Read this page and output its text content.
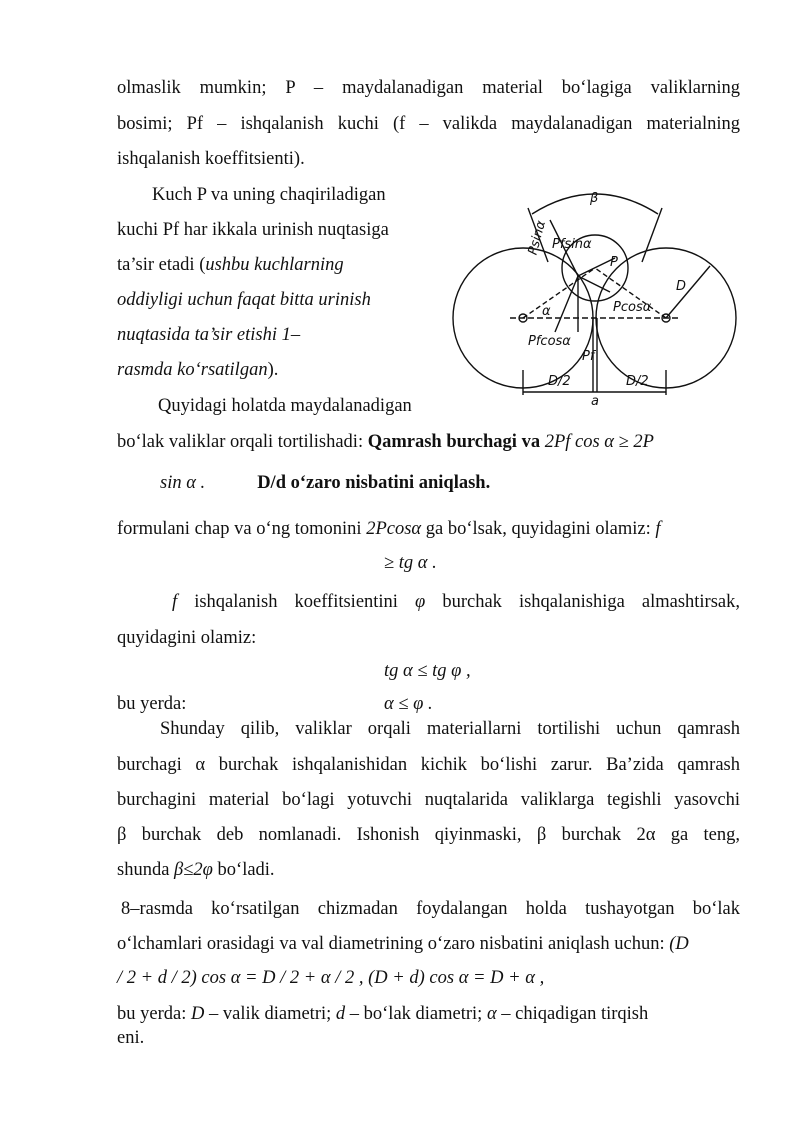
olmaslik mumkin; P – maydalanadigan material bo‘lagiga valiklarning
bosimi; Pf – ishqalanish kuchi (f – valikda maydalanadigan materialning
ishqalanish koeffitsienti).
Kuch P va uning chaqiriladigan
kuchi Pf har ikkala urinish nuqtasiga
ta’sir etadi (ushbu kuchlarning
oddiyligi uchun faqat bitta urinish
nuqtasida ta’sir etishi 1–
rasmda ko‘rsatilgan).
Quyidagi holatda maydalanadigan
bo‘lak valiklar orqali tortilishadi: Qamrash burchagi va 2Pf cos α ≥ 2P
sin α .	D/d o‘zaro nisbatini aniqlash.
formulani chap va o‘ng tomonini 2Pcosα ga bo‘lsak, quyidagini olamiz: f
≥ tg α .
f ishqalanish koeffitsientini φ burchak ishqalanishiga almashtirsak,
quyidagini olamiz:
tg α ≤ tg φ ,
bu yerda:	α ≤ φ .
Shunday qilib, valiklar orqali materiallarni tortilishi uchun qamrash
burchagi α burchak ishqalanishidan kichik bo‘lishi zarur. Ba’zida qamrash
burchagini material bo‘lagi yotuvchi nuqtalarida valiklarga tegishli yasovchi
β burchak deb nomlanadi. Ishonish qiyinmaski, β burchak 2α ga teng,
shunda β≤2φ bo‘ladi.
8–rasmda ko‘rsatilgan chizmadan foydalangan holda tushayotgan bo‘lak
o‘lchamlari orasidagi va val diametrining o‘zaro nisbatini aniqlash uchun: (D
/ 2 + d / 2) cos α = D / 2 + α / 2 , (D + d) cos α = D + α ,
bu yerda: D – valik diametri; d – bo‘lak diametri; α – chiqadigan tirqish
eni.
β
Psinα Pfsinα
P
Pcosα
α
Pfcosα
Pf
D
D/2	D/2
a
